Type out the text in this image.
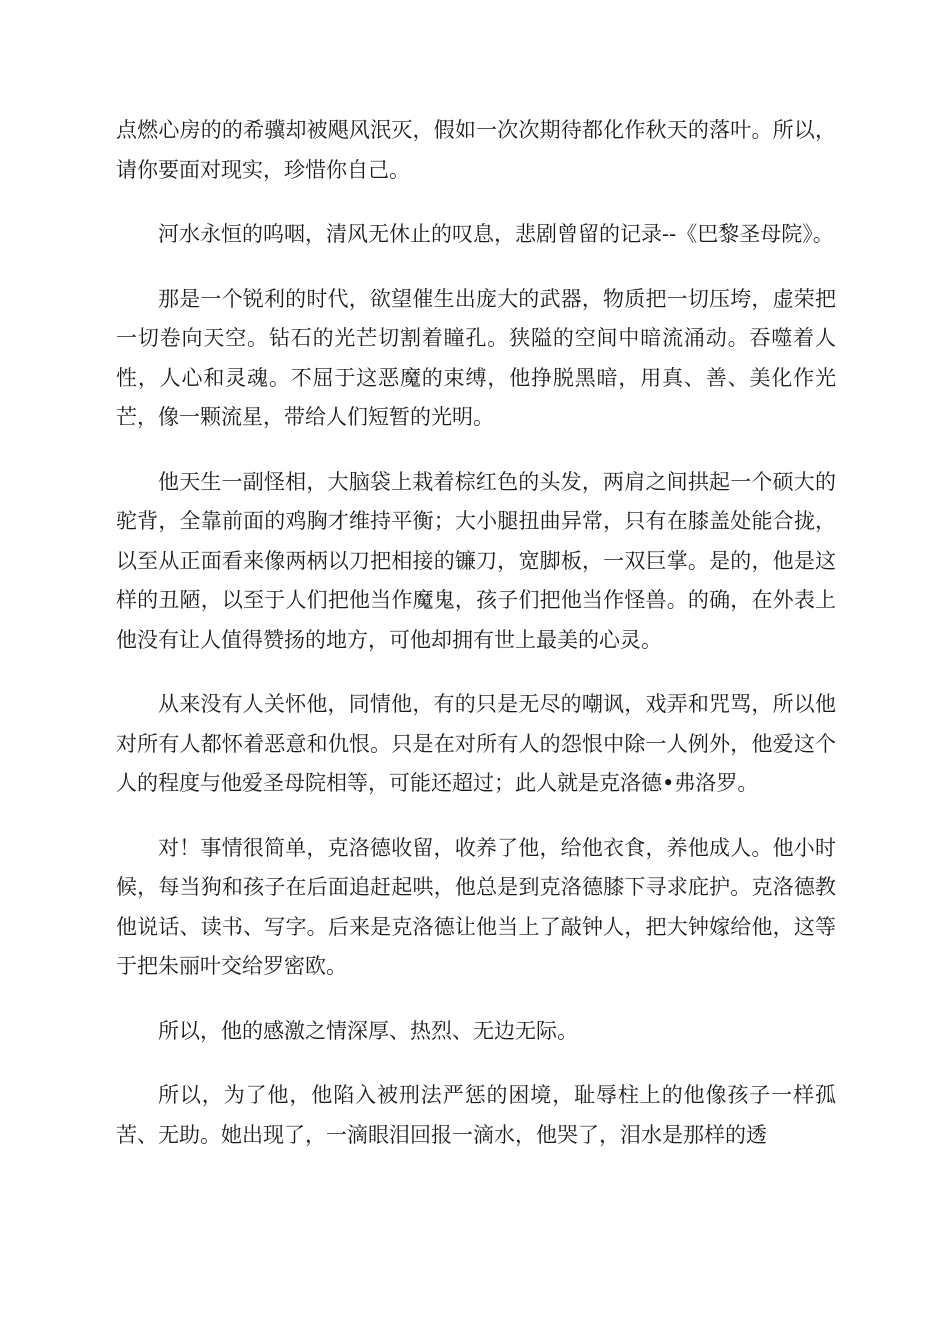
点燃心房的的希骥却被飓风泯灭，假如一次次期待都化作秋天的落叶。所以，请你要面对现实，珍惜你自己。

河水永恒的呜咽，清风无休止的叹息，悲剧曾留的记录--《巴黎圣母院》。

那是一个锐利的时代，欲望催生出庞大的武器，物质把一切压垮，虚荣把一切卷向天空。钻石的光芒切割着瞳孔。狭隘的空间中暗流涌动。吞噬着人性，人心和灵魂。不屈于这恶魔的束缚，他挣脱黑暗，用真、善、美化作光芒，像一颗流星，带给人们短暂的光明。

他天生一副怪相，大脑袋上栽着棕红色的头发，两肩之间拱起一个硕大的驼背，全靠前面的鸡胸才维持平衡；大小腿扭曲异常，只有在膝盖处能合拢，以至从正面看来像两柄以刀把相接的镰刀，宽脚板，一双巨掌。是的，他是这样的丑陋，以至于人们把他当作魔鬼，孩子们把他当作怪兽。的确，在外表上他没有让人值得赞扬的地方，可他却拥有世上最美的心灵。

从来没有人关怀他，同情他，有的只是无尽的嘲讽，戏弄和咒骂，所以他对所有人都怀着恶意和仇恨。只是在对所有人的怨恨中除一人例外，他爱这个人的程度与他爱圣母院相等，可能还超过；此人就是克洛德•弗洛罗。

对！事情很简单，克洛德收留，收养了他，给他衣食，养他成人。他小时候，每当狗和孩子在后面追赶起哄，他总是到克洛德膝下寻求庇护。克洛德教他说话、读书、写字。后来是克洛德让他当上了敲钟人，把大钟嫁给他，这等于把朱丽叶交给罗密欧。

所以，他的感激之情深厚、热烈、无边无际。

所以，为了他，他陷入被刑法严惩的困境，耻辱柱上的他像孩子一样孤苦、无助。她出现了，一滴眼泪回报一滴水，他哭了，泪水是那样的透
